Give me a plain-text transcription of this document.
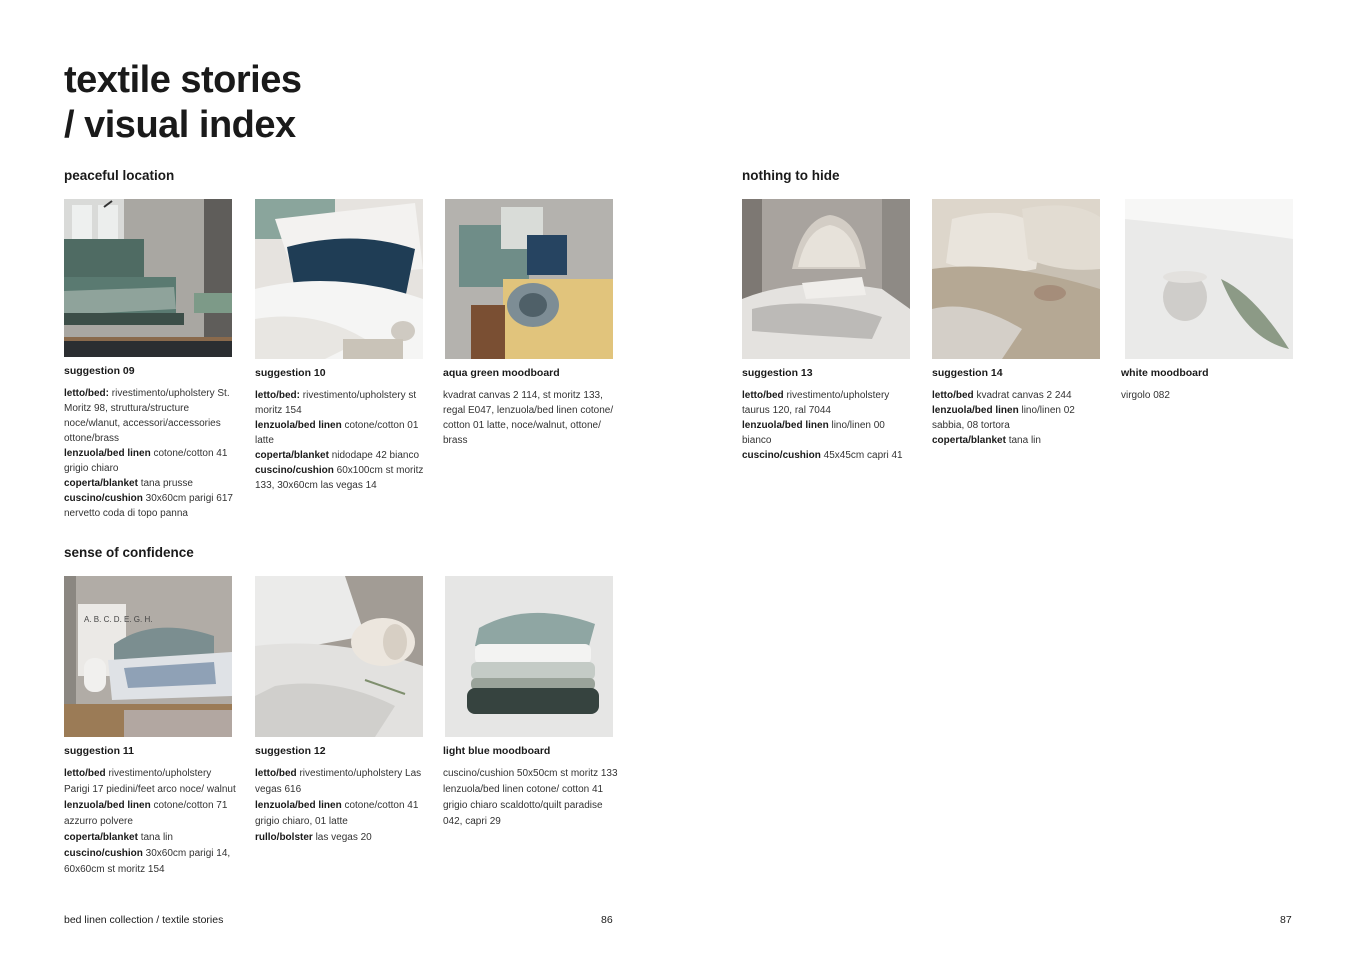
textile stories
/ visual index
peaceful location	nothing to hide
sense of confidence
suggestion 09

letto/bed: rivestimento/upholstery St. Moritz 98, struttura/structure noce/wlanut, accessori/accessories ottone/brass
lenzuola/bed linen cotone/cotton 41 grigio chiaro
coperta/blanket tana prusse
cuscino/cushion 30x60cm parigi 617 nervetto coda di topo panna

suggestion 10

letto/bed: rivestimento/upholstery st moritz 154
lenzuola/bed linen cotone/cotton 01 latte
coperta/blanket nidodape 42 bianco
cuscino/cushion 60x100cm st moritz 133, 30x60cm las vegas 14

aqua green moodboard

kvadrat canvas 2 114, st moritz 133, regal E047, lenzuola/bed linen cotone/ cotton 01 latte, noce/walnut, ottone/ brass

suggestion 13

letto/bed rivestimento/upholstery taurus 120, ral 7044
lenzuola/bed linen lino/linen 00 bianco
cuscino/cushion 45x45cm capri 41

suggestion 14

letto/bed kvadrat canvas 2 244
lenzuola/bed linen lino/linen 02 sabbia, 08 tortora
coperta/blanket tana lin

white moodboard

virgolo 082

A. B. C. D. E. G. H.
suggestion 11

letto/bed rivestimento/upholstery Parigi 17 piedini/feet arco noce/ walnut
lenzuola/bed linen cotone/cotton 71 azzurro polvere
coperta/blanket tana lin
cuscino/cushion 30x60cm parigi 14, 60x60cm st moritz 154

suggestion 12

letto/bed rivestimento/upholstery Las vegas 616
lenzuola/bed linen cotone/cotton 41 grigio chiaro, 01 latte
rullo/bolster las vegas 20

light blue moodboard

cuscino/cushion 50x50cm st moritz 133 lenzuola/bed linen cotone/ cotton 41 grigio chiaro scaldotto/quilt paradise 042, capri 29

bed linen collection / textile stories	86	87
